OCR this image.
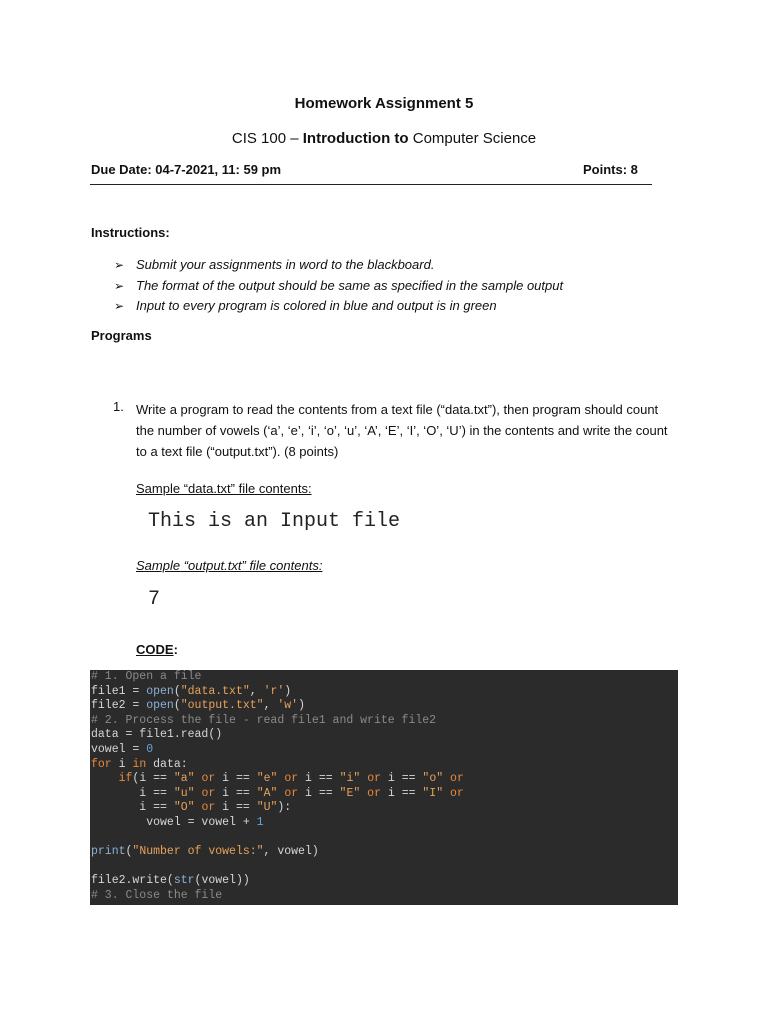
Homework Assignment 5
CIS 100 – Introduction to Computer Science
Due Date: 04-7-2021, 11: 59 pm	Points: 8
Instructions:
➢ Submit your assignments in word to the blackboard.
➢ The format of the output should be same as specified in the sample output
➢ Input to every program is colored in blue and output is in green
Programs
1. Write a program to read the contents from a text file (“data.txt”), then program should count the number of vowels (‘a’, ‘e’, ‘i’, ‘o’, ‘u’, ‘A’, ‘E’, ‘I’, ‘O’, ‘U’) in the contents and write the count to a text file (“output.txt”). (8 points)
Sample “data.txt” file contents:
This is an Input file
Sample “output.txt” file contents:
7
CODE:
# 1. Open a file
file1 = open("data.txt", 'r')
file2 = open("output.txt", 'w')
# 2. Process the file - read file1 and write file2
data = file1.read()
vowel = 0
for i in data:
if(i == "a" or i == "e" or i == "i" or i == "o" or
i == "u" or i == "A" or i == "E" or i == "I" or
i == "O" or i == "U"):
vowel = vowel + 1
print("Number of vowels:", vowel)
file2.write(str(vowel))
# 3. Close the file
